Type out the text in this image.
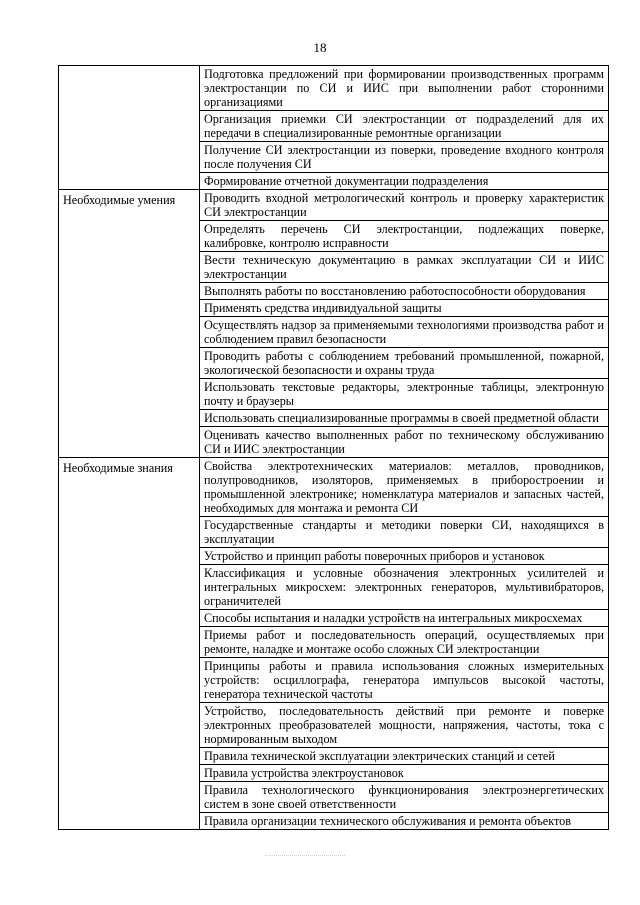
18
	Подготовка предложений при формировании производственных программ электростанции по СИ и ИИС при выполнении работ сторонними организациями
	Организация приемки СИ электростанции от подразделений для их передачи в специализированные ремонтные организации
	Получение СИ электростанции из поверки, проведение входного контроля после получения СИ
	Формирование отчетной документации подразделения
Необходимые умения	Проводить входной метрологический контроль и проверку характеристик СИ электростанции
	Определять перечень СИ электростанции, подлежащих поверке, калибровке, контролю исправности
	Вести техническую документацию в рамках эксплуатации СИ и ИИС электростанции
	Выполнять работы по восстановлению работоспособности оборудования
	Применять средства индивидуальной защиты
	Осуществлять надзор за применяемыми технологиями производства работ и соблюдением правил безопасности
	Проводить работы с соблюдением требований промышленной, пожарной, экологической безопасности и охраны труда
	Использовать текстовые редакторы, электронные таблицы, электронную почту и браузеры
	Использовать специализированные программы в своей предметной области
	Оценивать качество выполненных работ по техническому обслуживанию СИ и ИИС электростанции
Необходимые знания	Свойства электротехнических материалов: металлов, проводников, полупроводников, изоляторов, применяемых в приборостроении и промышленной электронике; номенклатура материалов и запасных частей, необходимых для монтажа и ремонта СИ
	Государственные стандарты и методики поверки СИ, находящихся в эксплуатации
	Устройство и принцип работы поверочных приборов и установок
	Классификация и условные обозначения электронных усилителей и интегральных микросхем: электронных генераторов, мультивибраторов, ограничителей
	Способы испытания и наладки устройств на интегральных микросхемах
	Приемы работ и последовательность операций, осуществляемых при ремонте, наладке и монтаже особо сложных СИ электростанции
	Принципы работы и правила использования сложных измерительных устройств: осциллографа, генератора импульсов высокой частоты, генератора технической частоты
	Устройство, последовательность действий при ремонте и поверке электронных преобразователей мощности, напряжения, частоты, тока с нормированным выходом
	Правила технической эксплуатации электрических станций и сетей
	Правила устройства электроустановок
	Правила технологического функционирования электроэнергетических систем в зоне своей ответственности
	Правила организации технического обслуживания и ремонта объектов
